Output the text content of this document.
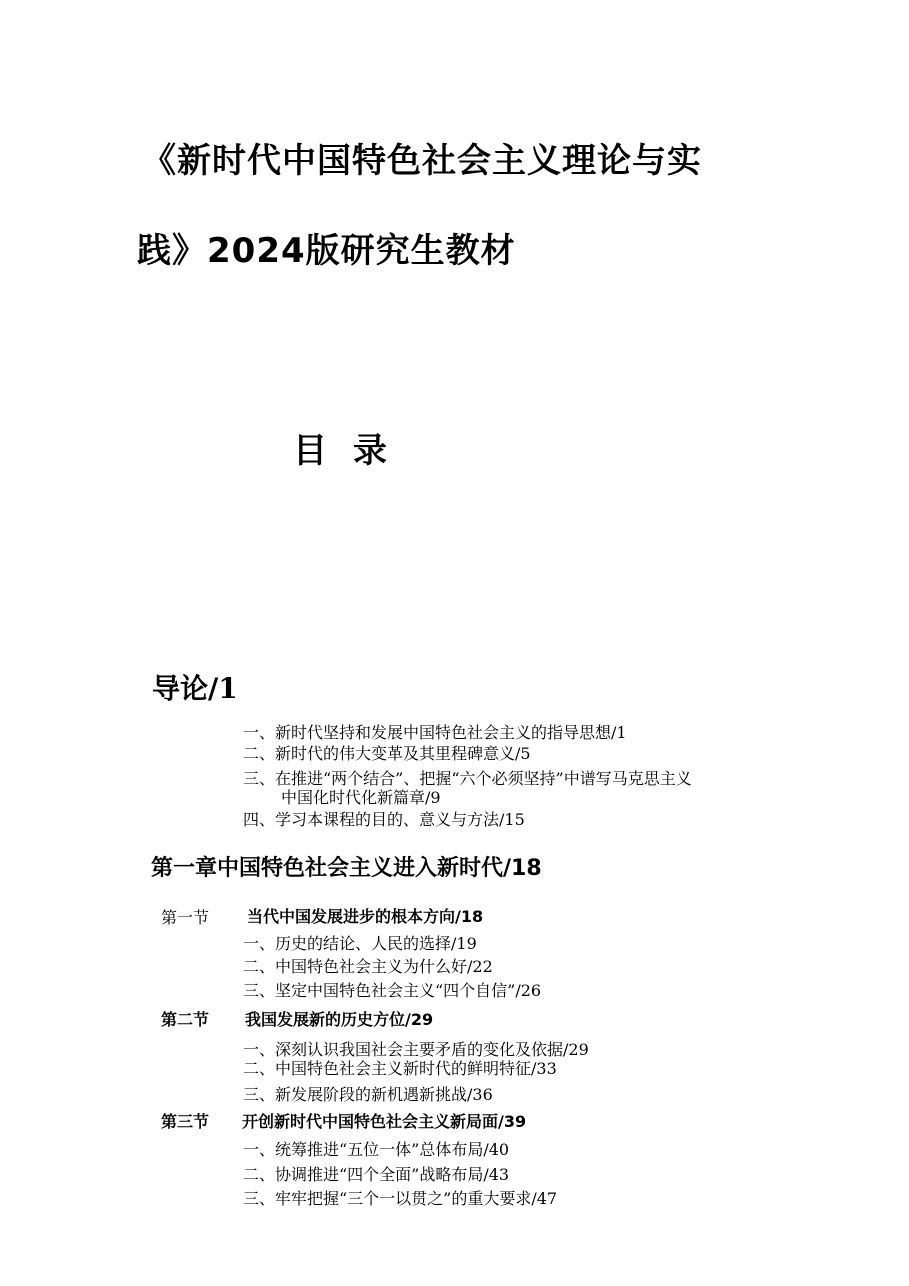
《新时代中国特色社会主义理论与实
践》2024版研究生教材
目 录
导论/1
一、新时代坚持和发展中国特色社会主义的指导思想/1
二、新时代的伟大变革及其里程碑意义/5
三、在推进“两个结合”、把握“六个必须坚持”中谱写马克思主义
中国化时代化新篇章/9
四、学习本课程的目的、意义与方法/15
第一章中国特色社会主义进入新时代/18
第一节 当代中国发展进步的根本方向/18
一、历史的结论、人民的选择/19
二、中国特色社会主义为什么好/22
三、坚定中国特色社会主义“四个自信”/26
第二节 我国发展新的历史方位/29
一、深刻认识我国社会主要矛盾的变化及依据/29
二、中国特色社会主义新时代的鲜明特征/33
三、新发展阶段的新机遇新挑战/36
第三节 开创新时代中国特色社会主义新局面/39
一、统筹推进“五位一体”总体布局/40
二、协调推进“四个全面”战略布局/43
三、牢牢把握“三个一以贯之”的重大要求/47
